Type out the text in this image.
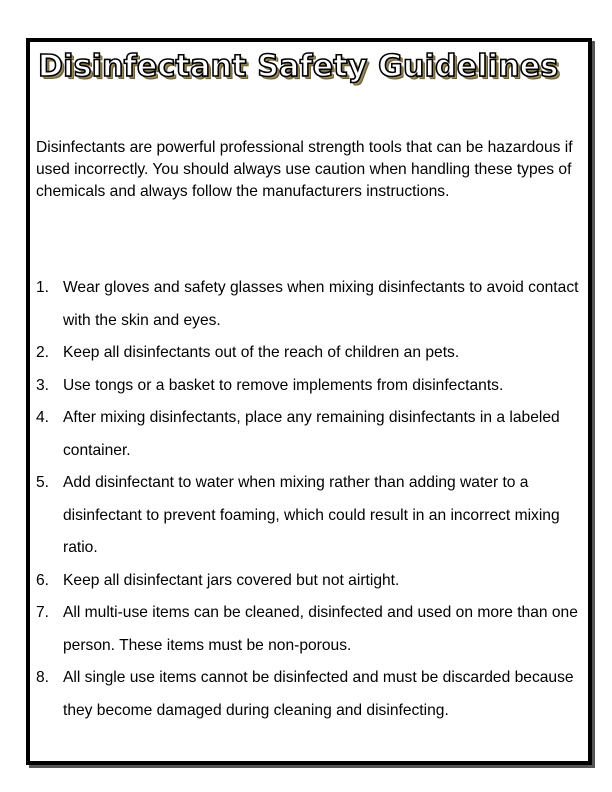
Disinfectant Safety Guidelines

Disinfectants are powerful professional strength tools that can be hazardous if used incorrectly. You should always use caution when handling these types of chemicals and always follow the manufacturers instructions.

1. Wear gloves and safety glasses when mixing disinfectants to avoid contact with the skin and eyes.
2. Keep all disinfectants out of the reach of children an pets.
3. Use tongs or a basket to remove implements from disinfectants.
4. After mixing disinfectants, place any remaining disinfectants in a labeled container.
5. Add disinfectant to water when mixing rather than adding water to a disinfectant to prevent foaming, which could result in an incorrect mixing ratio.
6. Keep all disinfectant jars covered but not airtight.
7. All multi-use items can be cleaned, disinfected and used on more than one person. These items must be non-porous.
8. All single use items cannot be disinfected and must be discarded because they become damaged during cleaning and disinfecting.
